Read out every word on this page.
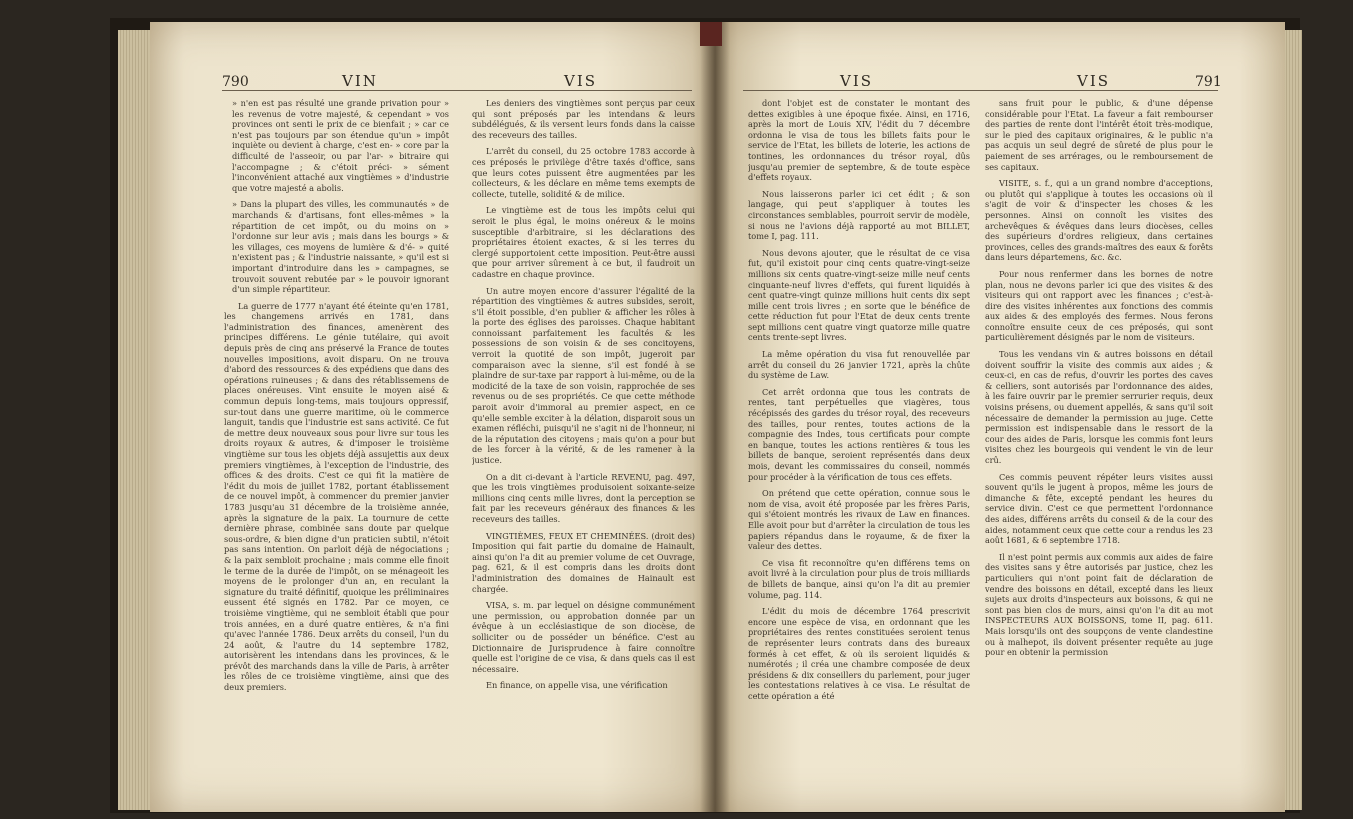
790	VIN	VIS

» n'en est pas résulté une grande privation pour » les revenus de votre majesté, & cependant » vos provinces ont senti le prix de ce bienfait ; » car ce n'est pas toujours par son étendue qu'un » impôt inquiète ou devient à charge, c'est en- » core par la difficulté de l'asseoir, ou par l'ar- » bitraire qui l'accompagne ; & c'étoit préci- » sément l'inconvénient attaché aux vingtièmes » d'industrie que votre majesté a abolis.

» Dans la plupart des villes, les communautés » de marchands & d'artisans, font elles-mêmes » la répartition de cet impôt, ou du moins on » l'ordonne sur leur avis ; mais dans les bourgs » & les villages, ces moyens de lumière & d'é- » quité n'existent pas ; & l'industrie naissante, » qu'il est si important d'introduire dans les » campagnes, se trouvoit souvent rebutée par » le pouvoir ignorant d'un simple répartiteur.

La guerre de 1777 n'ayant été éteinte qu'en 1781, les changemens arrivés en 1781, dans l'administration des finances, amenèrent des principes différens. Le génie tutélaire, qui avoit depuis près de cinq ans préservé la France de toutes nouvelles impositions, avoit disparu. On ne trouva d'abord des ressources & des expédiens que dans des opérations ruineuses ; & dans des rétablissemens de places onéreuses. Vint ensuite le moyen aisé & commun depuis long-tems, mais toujours oppressif, sur-tout dans une guerre maritime, où le commerce languit, tandis que l'industrie est sans activité. Ce fut de mettre deux nouveaux sous pour livre sur tous les droits royaux & autres, & d'imposer le troisième vingtième sur tous les objets déjà assujettis aux deux premiers vingtièmes, à l'exception de l'industrie, des offices & des droits. C'est ce qui fit la matière de l'édit du mois de juillet 1782, portant établissement de ce nouvel impôt, à commencer du premier janvier 1783 jusqu'au 31 décembre de la troisième année, après la signature de la paix. La tournure de cette dernière phrase, combinée sans doute par quelque sous-ordre, & bien digne d'un praticien subtil, n'étoit pas sans intention. On parloit déjà de négociations ; & la paix sembloit prochaine ; mais comme elle finoit le terme de la durée de l'impôt, on se ménageoit les moyens de le prolonger d'un an, en reculant la signature du traité définitif, quoique les préliminaires eussent été signés en 1782. Par ce moyen, ce troisième vingtième, qui ne sembloit établi que pour trois années, en a duré quatre entières, & n'a fini qu'avec l'année 1786. Deux arrêts du conseil, l'un du 24 août, & l'autre du 14 septembre 1782, autorisèrent les intendans dans les provinces, & le prévôt des marchands dans la ville de Paris, à arrêter les rôles de ce troisième vingtième, ainsi que des deux premiers.

Les deniers des vingtièmes sont perçus par ceux qui sont préposés par les intendans & leurs subdélégués, & ils versent leurs fonds dans la caisse des receveurs des tailles.

L'arrêt du conseil, du 25 octobre 1783 accorde à ces préposés le privilège d'être taxés d'office, sans que leurs cotes puissent être augmentées par les collecteurs, & les déclare en même tems exempts de collecte, tutelle, solidité & de milice.

Le vingtième est de tous les impôts celui qui seroit le plus égal, le moins onéreux & le moins susceptible d'arbitraire, si les déclarations des propriétaires étoient exactes, & si les terres du clergé supportoient cette imposition. Peut-être aussi que pour arriver sûrement à ce but, il faudroit un cadastre en chaque province.

Un autre moyen encore d'assurer l'égalité de la répartition des vingtièmes & autres subsides, seroit, s'il étoit possible, d'en publier & afficher les rôles à la porte des églises des paroisses. Chaque habitant connoissant parfaitement les facultés & les possessions de son voisin & de ses concitoyens, verroit la quotité de son impôt, jugeroit par comparaison avec la sienne, s'il est fondé à se plaindre de sur-taxe par rapport à lui-même, ou de la modicité de la taxe de son voisin, rapprochée de ses revenus ou de ses propriétés. Ce que cette méthode paroit avoir d'immoral au premier aspect, en ce qu'elle semble exciter à la délation, disparoit sous un examen réfléchi, puisqu'il ne s'agit ni de l'honneur, ni de la réputation des citoyens ; mais qu'on a pour but de les forcer à la vérité, & de les ramener à la justice.

On a dit ci-devant à l'article REVENU, pag. 497, que les trois vingtièmes produisoient soixante-seize millions cinq cents mille livres, dont la perception se fait par les receveurs généraux des finances & les receveurs des tailles.

VINGTIÈMES, FEUX ET CHEMINÉES. (droit des) Imposition qui fait partie du domaine de Hainault, ainsi qu'on l'a dit au premier volume de cet Ouvrage, pag. 621, & il est compris dans les droits dont l'administration des domaines de Hainault est chargée.

VISA, s. m. par lequel on désigne communément une permission, ou approbation donnée par un évêque à un ecclésiastique de son diocèse, de solliciter ou de posséder un bénéfice. C'est au Dictionnaire de Jurisprudence à faire connoître quelle est l'origine de ce visa, & dans quels cas il est nécessaire.

En finance, on appelle visa, une vérification

VIS	VIS	791

dont l'objet est de constater le montant des dettes exigibles à une époque fixée. Ainsi, en 1716, après la mort de Louis XIV, l'édit du 7 décembre ordonna le visa de tous les billets faits pour le service de l'Etat, les billets de loterie, les actions de tontines, les ordonnances du trésor royal, dûs jusqu'au premier de septembre, & de toute espèce d'effets royaux.

Nous laisserons parler ici cet édit ; & son langage, qui peut s'appliquer à toutes les circonstances semblables, pourroit servir de modèle, si nous ne l'avions déjà rapporté au mot BILLET, tome I, pag. 111.

Nous devons ajouter, que le résultat de ce visa fut, qu'il existoit pour cinq cents quatre-vingt-seize millions six cents quatre-vingt-seize mille neuf cents cinquante-neuf livres d'effets, qui furent liquidés à cent quatre-vingt quinze millions huit cents dix sept mille cent trois livres ; en sorte que le bénéfice de cette réduction fut pour l'Etat de deux cents trente sept millions cent quatre vingt quatorze mille quatre cents trente-sept livres.

La même opération du visa fut renouvellée par arrêt du conseil du 26 janvier 1721, après la chûte du système de Law.

Cet arrêt ordonna que tous les contrats de rentes, tant perpétuelles que viagères, tous récépissés des gardes du trésor royal, des receveurs des tailles, pour rentes, toutes actions de la compagnie des Indes, tous certificats pour compte en banque, toutes les actions rentières & tous les billets de banque, seroient représentés dans deux mois, devant les commissaires du conseil, nommés pour procéder à la vérification de tous ces effets.

On prétend que cette opération, connue sous le nom de visa, avoit été proposée par les frères Paris, qui s'étoient montrés les rivaux de Law en finances. Elle avoit pour but d'arrêter la circulation de tous les papiers répandus dans le royaume, & de fixer la valeur des dettes.

Ce visa fit reconnoître qu'en différens tems on avoit livré à la circulation pour plus de trois milliards de billets de banque, ainsi qu'on l'a dit au premier volume, pag. 114.

L'édit du mois de décembre 1764 prescrivit encore une espèce de visa, en ordonnant que les propriétaires des rentes constituées seroient tenus de représenter leurs contrats dans des bureaux formés à cet effet, & où ils seroient liquidés & numérotés ; il créa une chambre composée de deux présidens & dix conseillers du parlement, pour juger les contestations relatives à ce visa. Le résultat de cette opération a été

sans fruit pour le public, & d'une dépense considérable pour l'Etat. La faveur a fait rembourser des parties de rente dont l'intérêt étoit très-modique, sur le pied des capitaux originaires, & le public n'a pas acquis un seul degré de sûreté de plus pour le paiement de ses arrérages, ou le remboursement de ses capitaux.

VISITE, s. f., qui a un grand nombre d'acceptions, ou plutôt qui s'applique à toutes les occasions où il s'agit de voir & d'inspecter les choses & les personnes. Ainsi on connoît les visites des archevêques & évêques dans leurs diocèses, celles des supérieurs d'ordres religieux, dans certaines provinces, celles des grands-maîtres des eaux & forêts dans leurs départemens, &c. &c.

Pour nous renfermer dans les bornes de notre plan, nous ne devons parler ici que des visites & des visiteurs qui ont rapport avec les finances ; c'est-à-dire des visites inhérentes aux fonctions des commis aux aides & des employés des fermes. Nous ferons connoître ensuite ceux de ces préposés, qui sont particulièrement désignés par le nom de visiteurs.

Tous les vendans vin & autres boissons en détail doivent souffrir la visite des commis aux aides ; & ceux-ci, en cas de refus, d'ouvrir les portes des caves & celliers, sont autorisés par l'ordonnance des aides, à les faire ouvrir par le premier serrurier requis, deux voisins présens, ou duement appellés, & sans qu'il soit nécessaire de demander la permission au juge. Cette permission est indispensable dans le ressort de la cour des aides de Paris, lorsque les commis font leurs visites chez les bourgeois qui vendent le vin de leur crû.

Ces commis peuvent répéter leurs visites aussi souvent qu'ils le jugent à propos, même les jours de dimanche & fête, excepté pendant les heures du service divin. C'est ce que permettent l'ordonnance des aides, différens arrêts du conseil & de la cour des aides, notamment ceux que cette cour a rendus les 23 août 1681, & 6 septembre 1718.

Il n'est point permis aux commis aux aides de faire des visites sans y être autorisés par justice, chez les particuliers qui n'ont point fait de déclaration de vendre des boissons en détail, excepté dans les lieux sujets aux droits d'inspecteurs aux boissons, & qui ne sont pas bien clos de murs, ainsi qu'on l'a dit au mot INSPECTEURS AUX BOISSONS, tome II, pag. 611. Mais lorsqu'ils ont des soupçons de vente clandestine ou à malhepot, ils doivent présenter requête au juge pour en obtenir la permission
